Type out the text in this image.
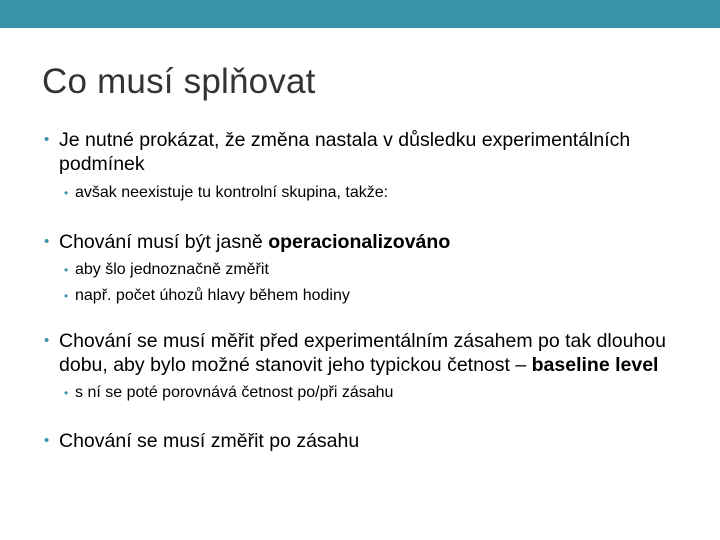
Co musí splňovat
• Je nutné prokázat, že změna nastala v důsledku experimentálních podmínek
• avšak neexistuje tu kontrolní skupina, takže:
• Chování musí být jasně operacionalizováno
• aby šlo jednoznačně změřit
• např. počet úhozů hlavy během hodiny
• Chování se musí měřit před experimentálním zásahem po tak dlouhou dobu, aby bylo možné stanovit jeho typickou četnost – baseline level
• s ní se poté porovnává četnost po/při zásahu
• Chování se musí změřit po zásahu
